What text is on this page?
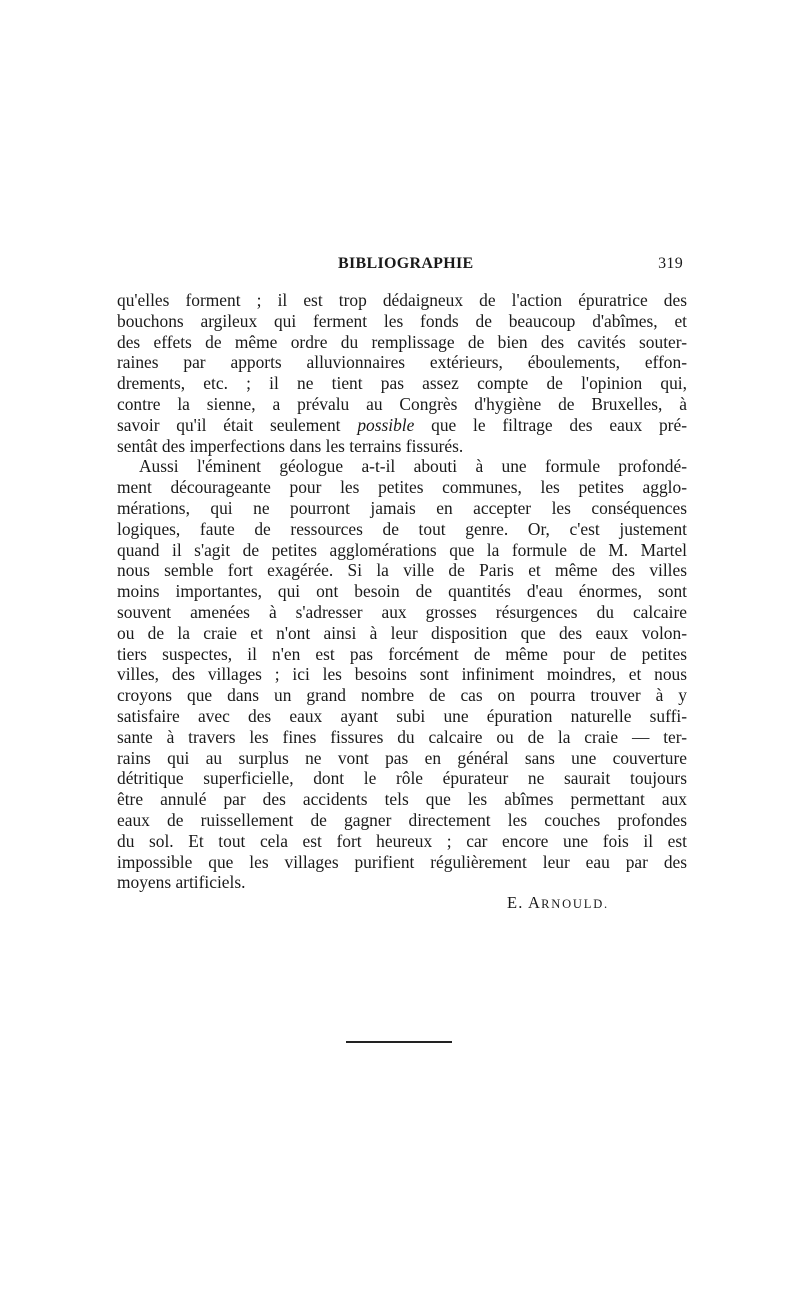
BIBLIOGRAPHIE	319
qu'elles forment ; il est trop dédaigneux de l'action épuratrice des
bouchons argileux qui ferment les fonds de beaucoup d'abîmes, et
des effets de même ordre du remplissage de bien des cavités souter-
raines par apports alluvionnaires extérieurs, éboulements, effon-
drements, etc. ; il ne tient pas assez compte de l'opinion qui,
contre la sienne, a prévalu au Congrès d'hygiène de Bruxelles, à
savoir qu'il était seulement possible que le filtrage des eaux pré-
sentât des imperfections dans les terrains fissurés.
Aussi l'éminent géologue a-t-il abouti à une formule profondé-
ment décourageante pour les petites communes, les petites agglo-
mérations, qui ne pourront jamais en accepter les conséquences
logiques, faute de ressources de tout genre. Or, c'est justement
quand il s'agit de petites agglomérations que la formule de M. Martel
nous semble fort exagérée. Si la ville de Paris et même des villes
moins importantes, qui ont besoin de quantités d'eau énormes, sont
souvent amenées à s'adresser aux grosses résurgences du calcaire
ou de la craie et n'ont ainsi à leur disposition que des eaux volon-
tiers suspectes, il n'en est pas forcément de même pour de petites
villes, des villages ; ici les besoins sont infiniment moindres, et nous
croyons que dans un grand nombre de cas on pourra trouver à y
satisfaire avec des eaux ayant subi une épuration naturelle suffi-
sante à travers les fines fissures du calcaire ou de la craie — ter-
rains qui au surplus ne vont pas en général sans une couverture
détritique superficielle, dont le rôle épurateur ne saurait toujours
être annulé par des accidents tels que les abîmes permettant aux
eaux de ruissellement de gagner directement les couches profondes
du sol. Et tout cela est fort heureux ; car encore une fois il est
impossible que les villages purifient régulièrement leur eau par des
moyens artificiels.
E. ARNOULD.
